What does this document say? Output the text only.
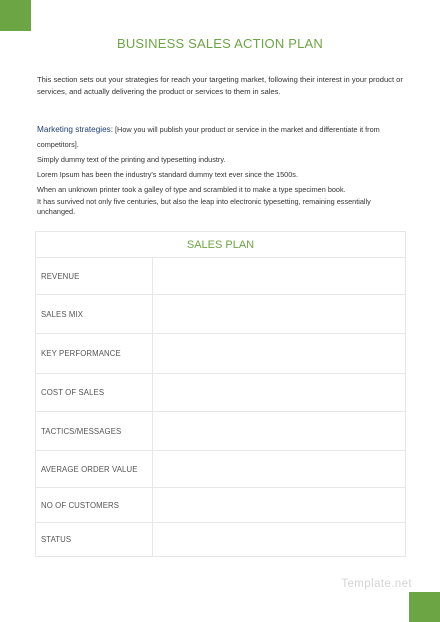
BUSINESS SALES ACTION PLAN
This section sets out your strategies for reach your targeting market, following their interest in your product or services, and actually delivering the product or services to them in sales.
Marketing strategies: [How you will publish your product or service in the market and differentiate it from competitors].
Simply dummy text of the printing and typesetting industry.
Lorem Ipsum has been the industry's standard dummy text ever since the 1500s.
When an unknown printer took a galley of type and scrambled it to make a type specimen book.
It has survived not only five centuries, but also the leap into electronic typesetting, remaining essentially unchanged.
SALES PLAN
REVENUE
SALES MIX
KEY PERFORMANCE
COST OF SALES
TACTICS/MESSAGES
AVERAGE ORDER VALUE
NO OF CUSTOMERS
STATUS
Template.net
